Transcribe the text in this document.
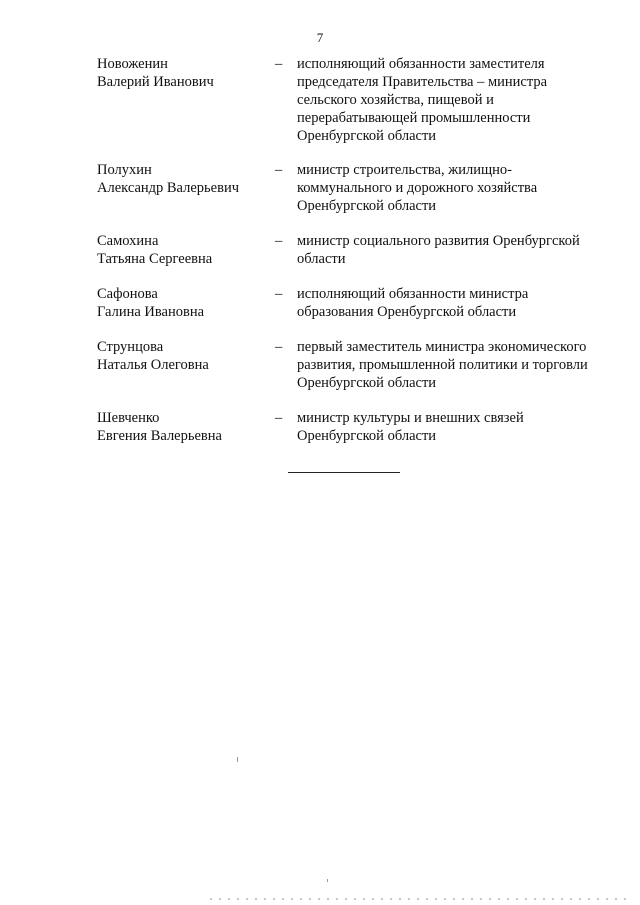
7
Новоженин
Валерий Иванович
– исполняющий обязанности заместителя
председателя Правительства – министра
сельского хозяйства, пищевой и
перерабатывающей промышленности
Оренбургской области
Полухин
Александр Валерьевич
– министр строительства, жилищно-
коммунального и дорожного хозяйства
Оренбургской области
Самохина
Татьяна Сергеевна
– министр социального развития Оренбургской
области
Сафонова
Галина Ивановна
– исполняющий обязанности министра
образования Оренбургской области
Струнцова
Наталья Олеговна
– первый заместитель министра экономического
развития, промышленной политики и торговли
Оренбургской области
Шевченко
Евгения Валерьевна
– министр культуры и внешних связей
Оренбургской области
